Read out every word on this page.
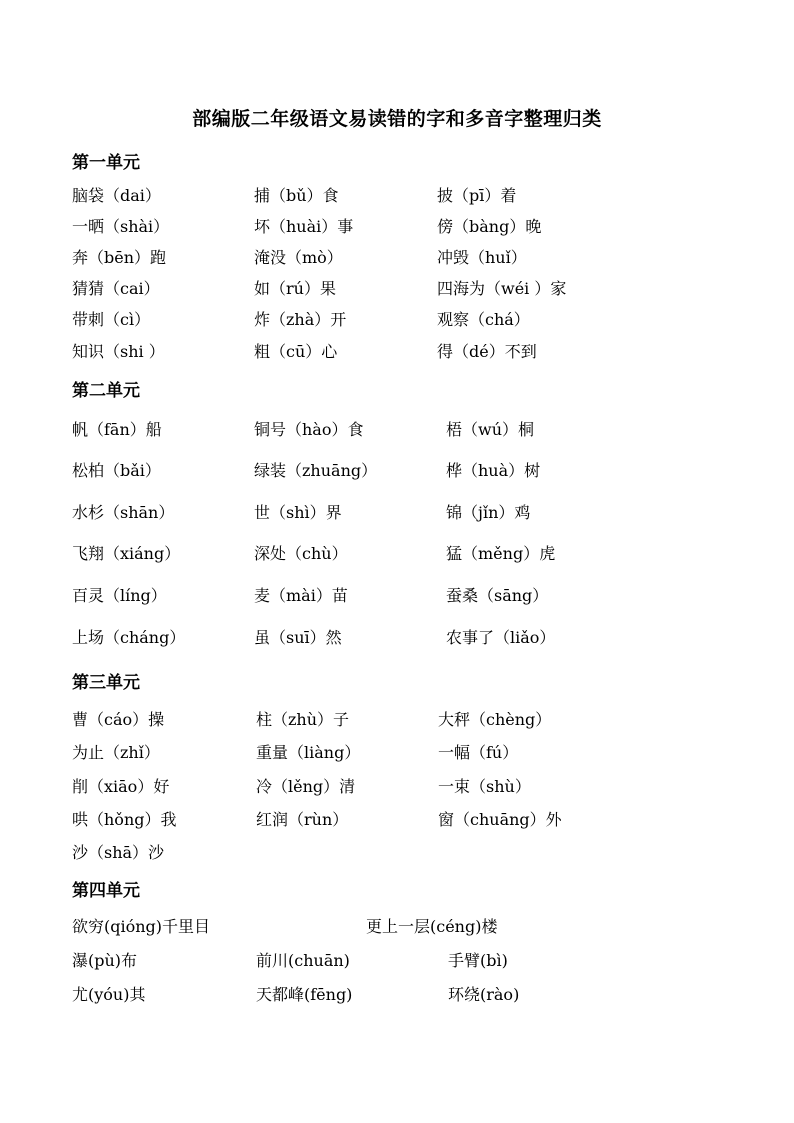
部编版二年级语文易读错的字和多音字整理归类
第一单元
脑袋（dai）	捕（bǔ）食	披（pī）着
一晒（shài）	坏（huài）事	傍（bàng）晚
奔（bēn）跑	淹没（mò）	冲毁（huǐ）
猜猜（cai）	如（rú）果	四海为（wéi ）家
带刺（cì）	炸（zhà）开	观察（chá）
知识（shi ）	粗（cū）心	得（dé）不到
第二单元
帆（fān）船	铜号（hào）食	梧（wú）桐
松柏（bǎi）	绿装（zhuāng）	桦（huà）树
水杉（shān）	世（shì）界	锦（jǐn）鸡
飞翔（xiáng）	深处（chù）	猛（měng）虎
百灵（líng）	麦（mài）苗	蚕桑（sāng）
上场（cháng）	虽（suī）然	农事了（liǎo）
第三单元
曹（cáo）操	柱（zhù）子	大秤（chèng）
为止（zhǐ）	重量（liàng）	一幅（fú）
削（xiāo）好	冷（lěng）清	一束（shù）
哄（hǒng）我	红润（rùn）	窗（chuāng）外
沙（shā）沙
第四单元
欲穷(qióng)千里目	更上一层(céng)楼
瀑(pù)布	前川(chuān)	手臂(bì)
尤(yóu)其	天都峰(fēng)	环绕(rào)
